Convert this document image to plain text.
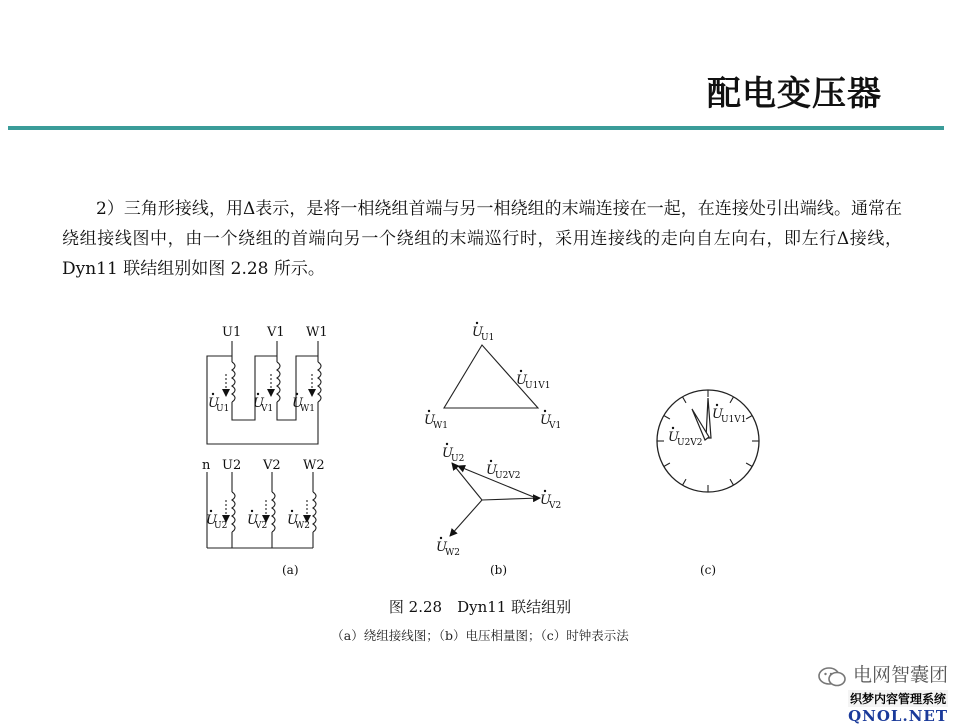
配电变压器

2）三角形接线，用Δ表示，是将一相绕组首端与另一相绕组的末端连接在一起，在连接处引出端线。通常在绕组接线图中，由一个绕组的首端向另一个绕组的末端巡行时，采用连接线的走向自左向右，即左行Δ接线，Dyn11 联结组别如图 2.28 所示。

U1 V1 W1
n U2 V2 W2
U
U1 U
V1 U
W1
U
U2 U
V2 U
W2
U
U1
U
U1V1
U
W1	U
V1
U
U2
U
U2V2
U
V2
U
W2
U
U1V1
U
U2V2
(a)	(b)	(c)
图 2.28　Dyn11 联结组别
（a）绕组接线图；（b）电压相量图；（c）时钟表示法
电网智囊团
织梦内容管理系统
QNOL.NET
